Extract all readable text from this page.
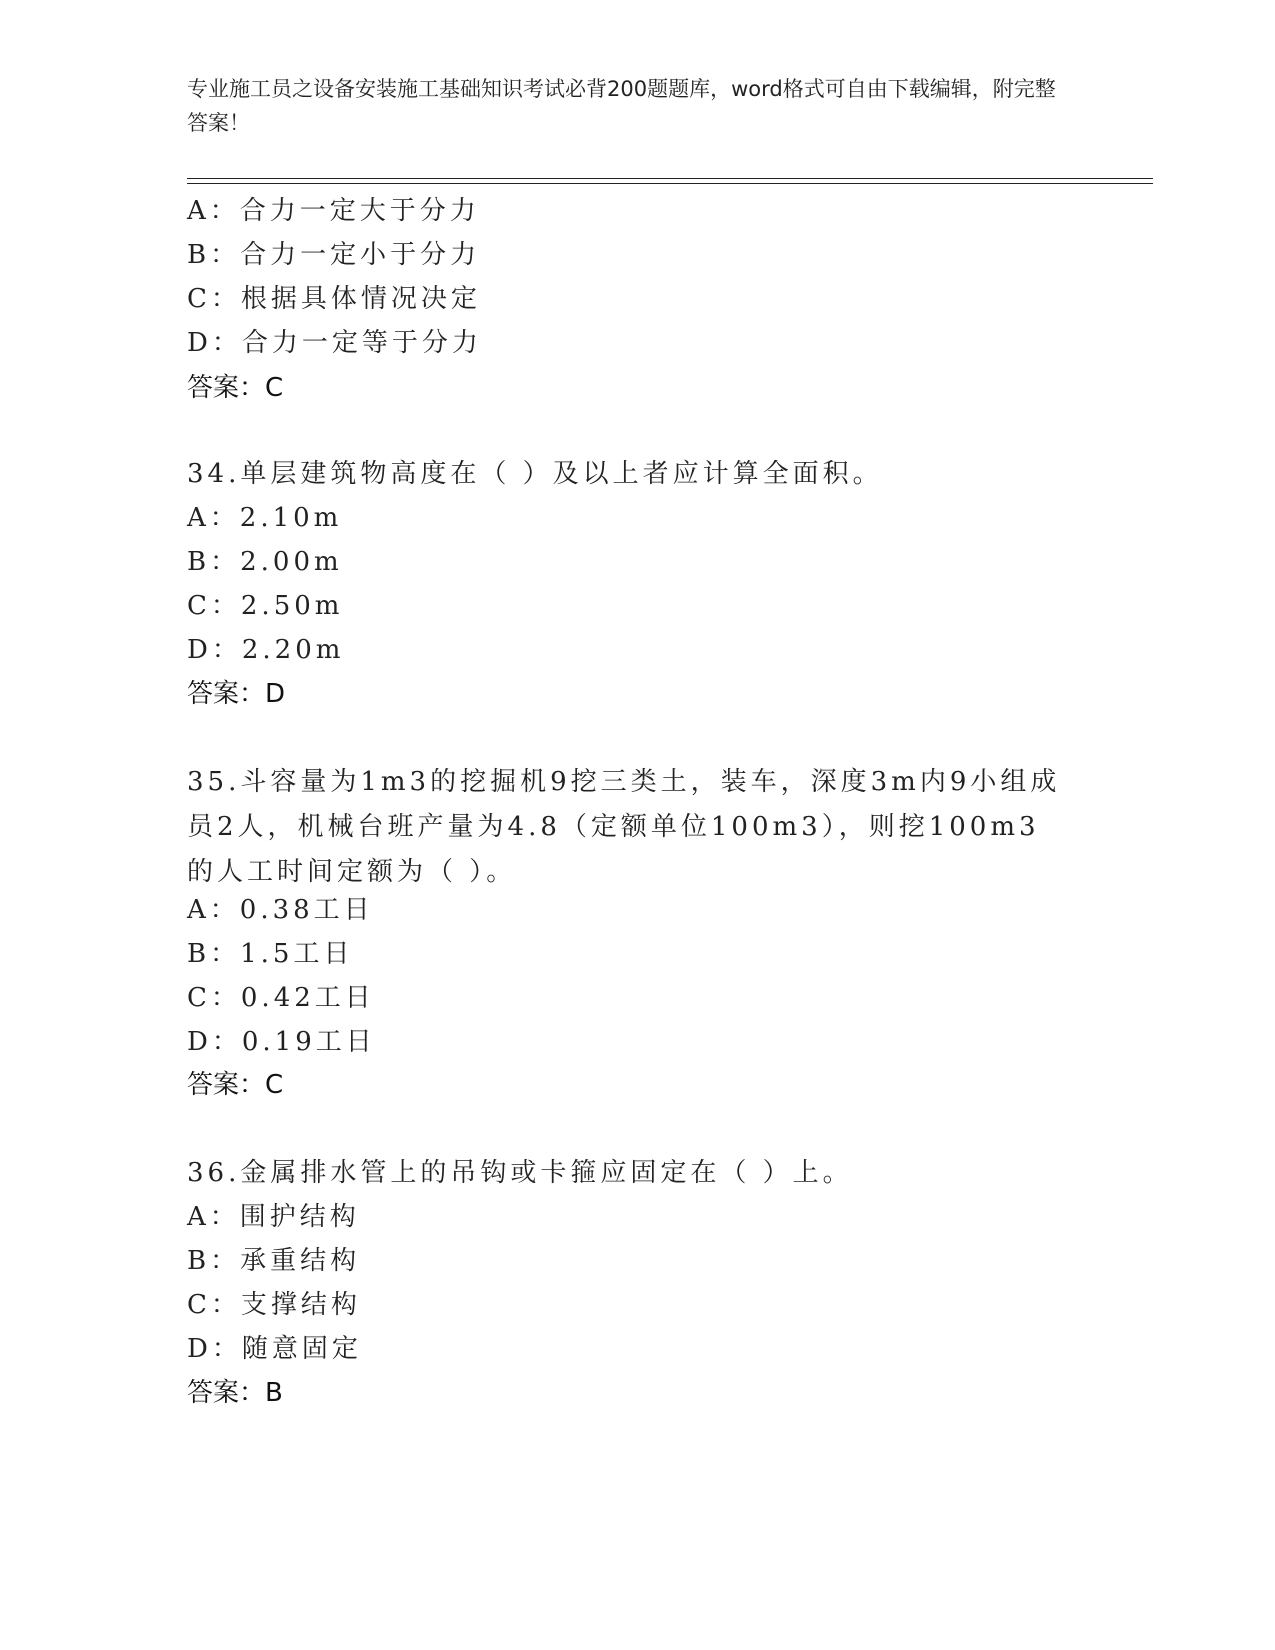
专业施工员之设备安装施工基础知识考试必背200题题库，word格式可自由下载编辑，附完整答案！
A：合力一定大于分力
B：合力一定小于分力
C：根据具体情况决定
D：合力一定等于分力
答案：C
34.单层建筑物高度在（ ）及以上者应计算全面积。
A：2.10m
B：2.00m
C：2.50m
D：2.20m
答案：D
35.斗容量为1m3的挖掘机9挖三类土，装车，深度3m内9小组成员2人，机械台班产量为4.8（定额单位100m3），则挖100m3的人工时间定额为（ ）。
A：0.38工日
B：1.5工日
C：0.42工日
D：0.19工日
答案：C
36.金属排水管上的吊钩或卡箍应固定在（ ）上。
A：围护结构
B：承重结构
C：支撑结构
D：随意固定
答案：B
